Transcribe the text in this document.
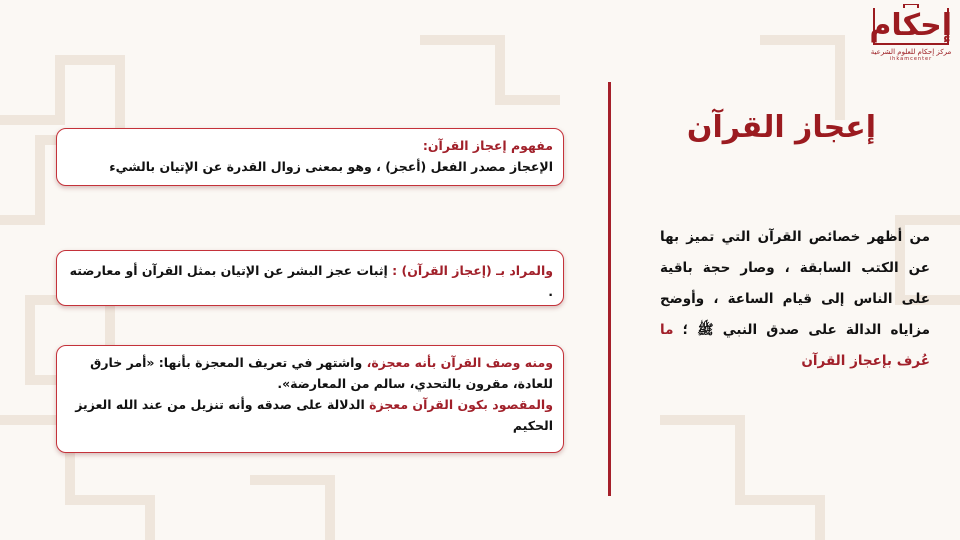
إحكام
مركز إحكام للعلوم الشرعية
ihkamcenter
إعجاز القرآن
من أظهر خصائص القرآن التي تميز بها عن الكتب السابقة ، وصار حجة باقية على الناس إلى قيام الساعة ، وأوضح مزاياه الدالة على صدق النبي ﷺ ؛ ما عُرف بإعجاز القرآن

مفهوم إعجاز القرآن:

الإعجاز مصدر الفعل (أعجز) ، وهو بمعنى زوال القدرة عن الإتيان بالشيء

والمراد بـ (إعجاز القرآن) : إثبات عجز البشر عن الإتيان بمثل القرآن أو معارضته .

ومنه وصف القرآن بأنه معجزة، واشتهر في تعريف المعجزة بأنها: «أمر خارق للعادة، مقرون بالتحدي، سالم من المعارضة».

والمقصود بكون القرآن معجزة الدلالة على صدقه وأنه تنزيل من عند الله العزيز الحكيم
